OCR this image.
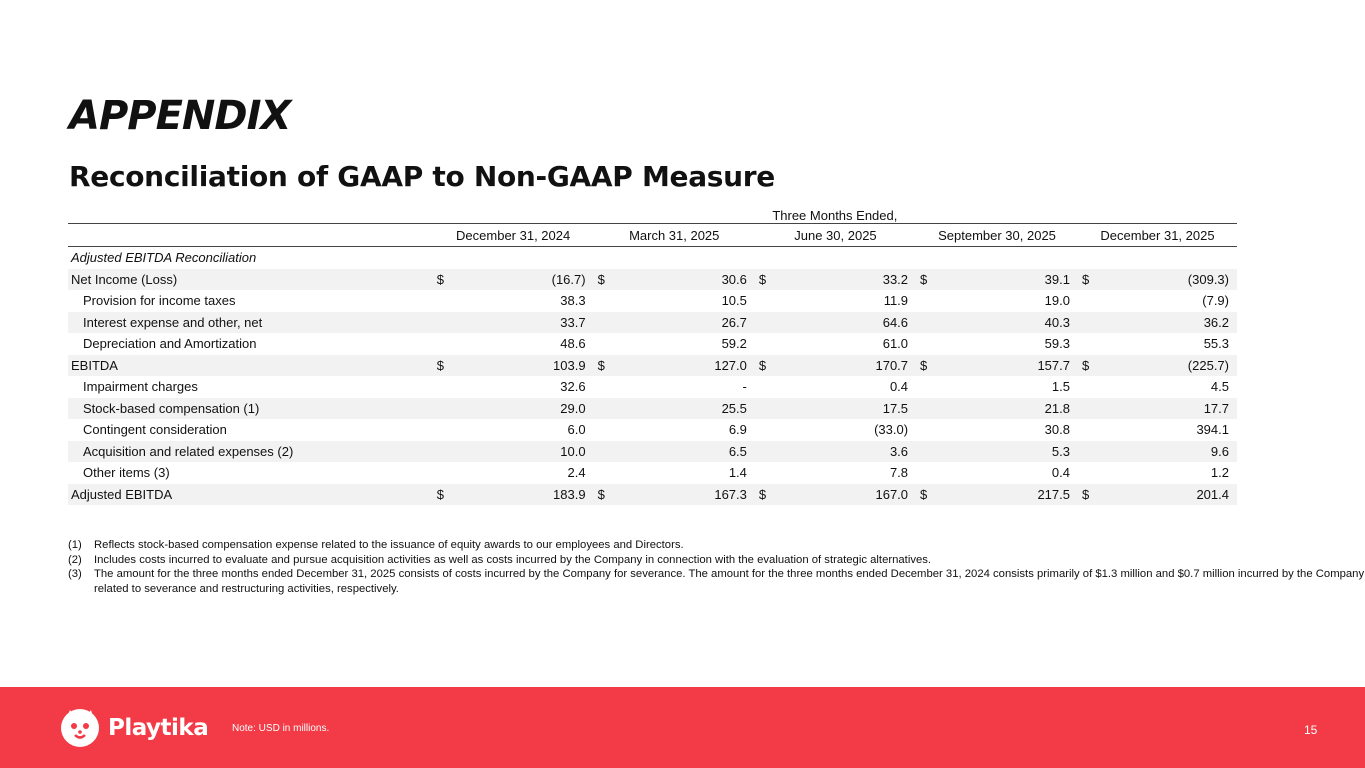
APPENDIX
Reconciliation of GAAP to Non-GAAP Measure
	Three Months Ended,									
	December 31, 2024		March 31, 2025		June 30, 2025		September 30, 2025		December 31, 2025	
Adjusted EBITDA Reconciliation										
Net Income (Loss)	$	(16.7)	$	30.6	$	33.2	$	39.1	$	(309.3)
Provision for income taxes		38.3		10.5		11.9		19.0		(7.9)
Interest expense and other, net		33.7		26.7		64.6		40.3		36.2
Depreciation and Amortization		48.6		59.2		61.0		59.3		55.3
EBITDA	$	103.9	$	127.0	$	170.7	$	157.7	$	(225.7)
Impairment charges		32.6		-		0.4		1.5		4.5
Stock-based compensation (1)		29.0		25.5		17.5		21.8		17.7
Contingent consideration		6.0		6.9		(33.0)		30.8		394.1
Acquisition and related expenses (2)		10.0		6.5		3.6		5.3		9.6
Other items (3)		2.4		1.4		7.8		0.4		1.2
Adjusted EBITDA	$	183.9	$	167.3	$	167.0	$	217.5	$	201.4
(1)	Reflects stock-based compensation expense related to the issuance of equity awards to our employees and Directors.
(2)	Includes costs incurred to evaluate and pursue acquisition activities as well as costs incurred by the Company in connection with the evaluation of strategic alternatives.
(3)	The amount for the three months ended December 31, 2025 consists of costs incurred by the Company for severance. The amount for the three months ended December 31, 2024 consists primarily of $1.3 million and $0.7 million incurred by the Company related to severance and restructuring activities, respectively.
Playtika Note: USD in millions.	15
